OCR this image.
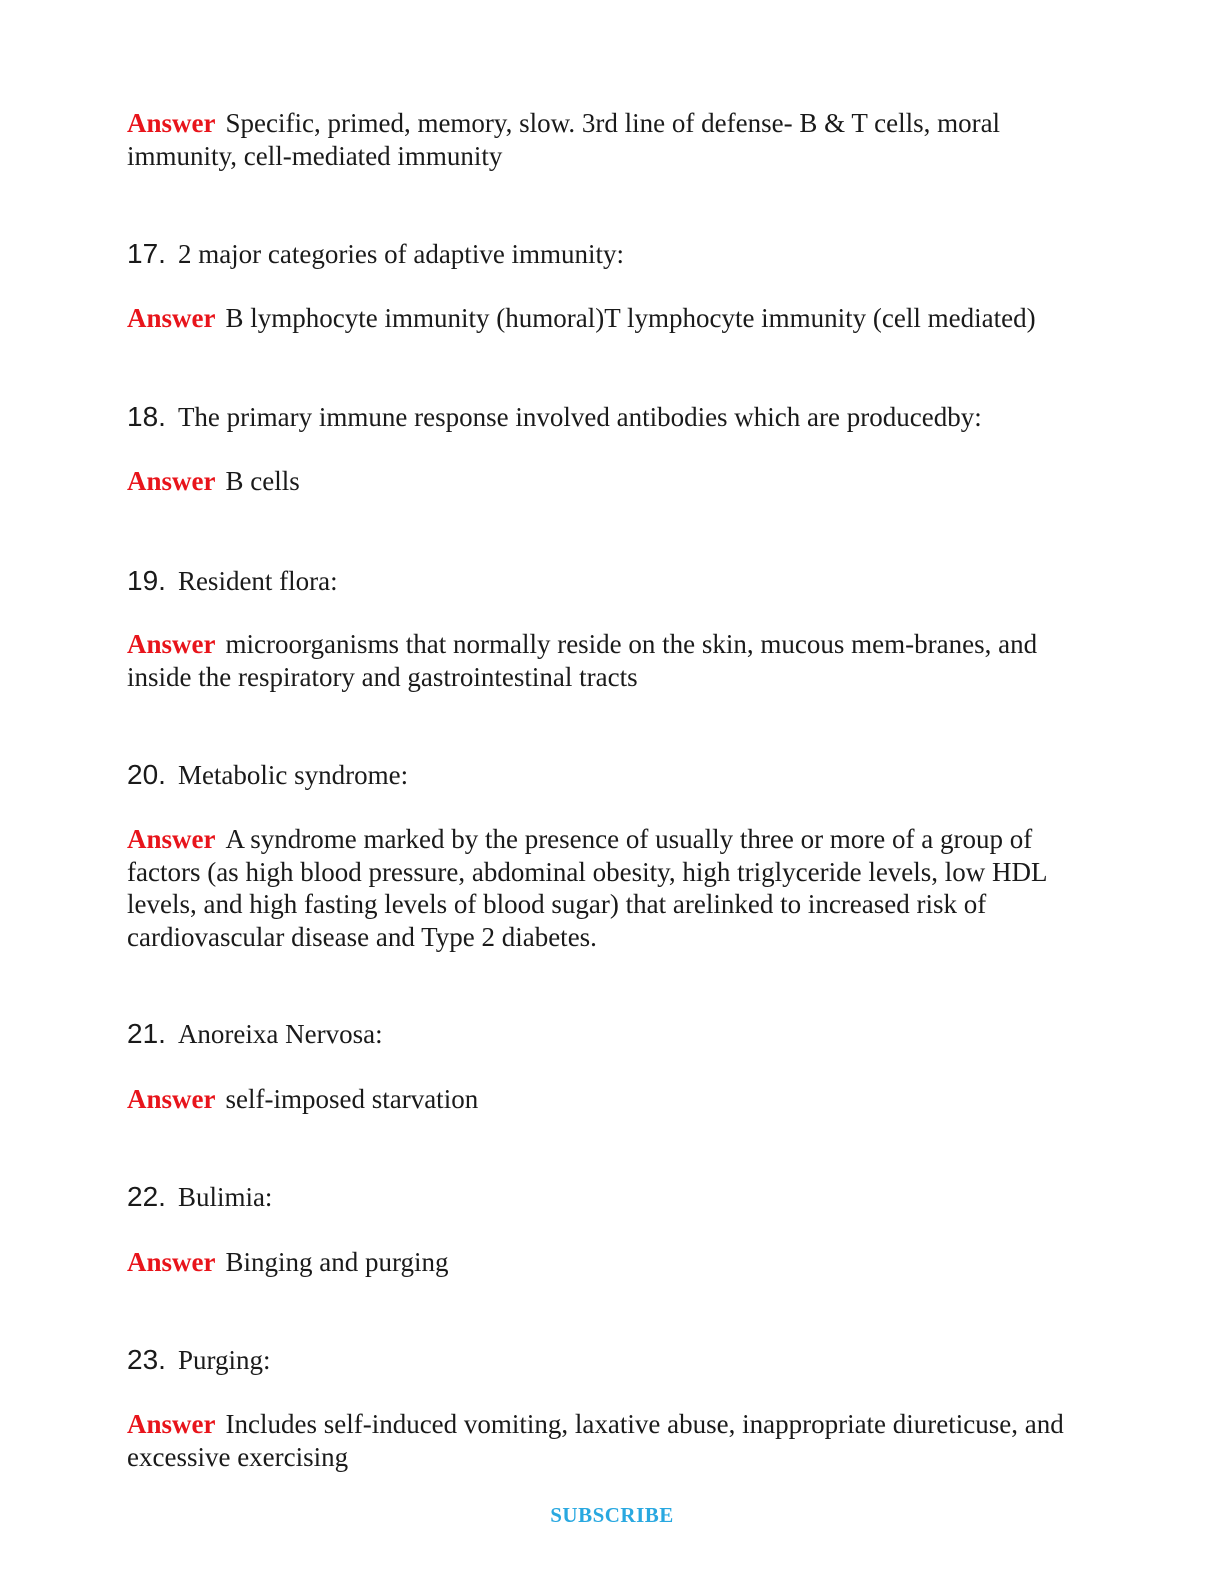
Answer Specific, primed, memory, slow. 3rd line of defense- B & T cells, moral immunity, cell-mediated immunity
17. 2 major categories of adaptive immunity:
Answer B lymphocyte immunity (humoral)T lymphocyte immunity (cell mediated)
18. The primary immune response involved antibodies which are producedby:
Answer B cells
19. Resident flora:
Answer microorganisms that normally reside on the skin, mucous mem-branes, and inside the respiratory and gastrointestinal tracts
20. Metabolic syndrome:
Answer A syndrome marked by the presence of usually three or more of a group of factors (as high blood pressure, abdominal obesity, high triglyceride levels, low HDL levels, and high fasting levels of blood sugar) that arelinked to increased risk of cardiovascular disease and Type 2 diabetes.
21. Anoreixa Nervosa:
Answer self-imposed starvation
22. Bulimia:
Answer Binging and purging
23. Purging:
Answer Includes self-induced vomiting, laxative abuse, inappropriate diureticuse, and excessive exercising
SUBSCRIBE
